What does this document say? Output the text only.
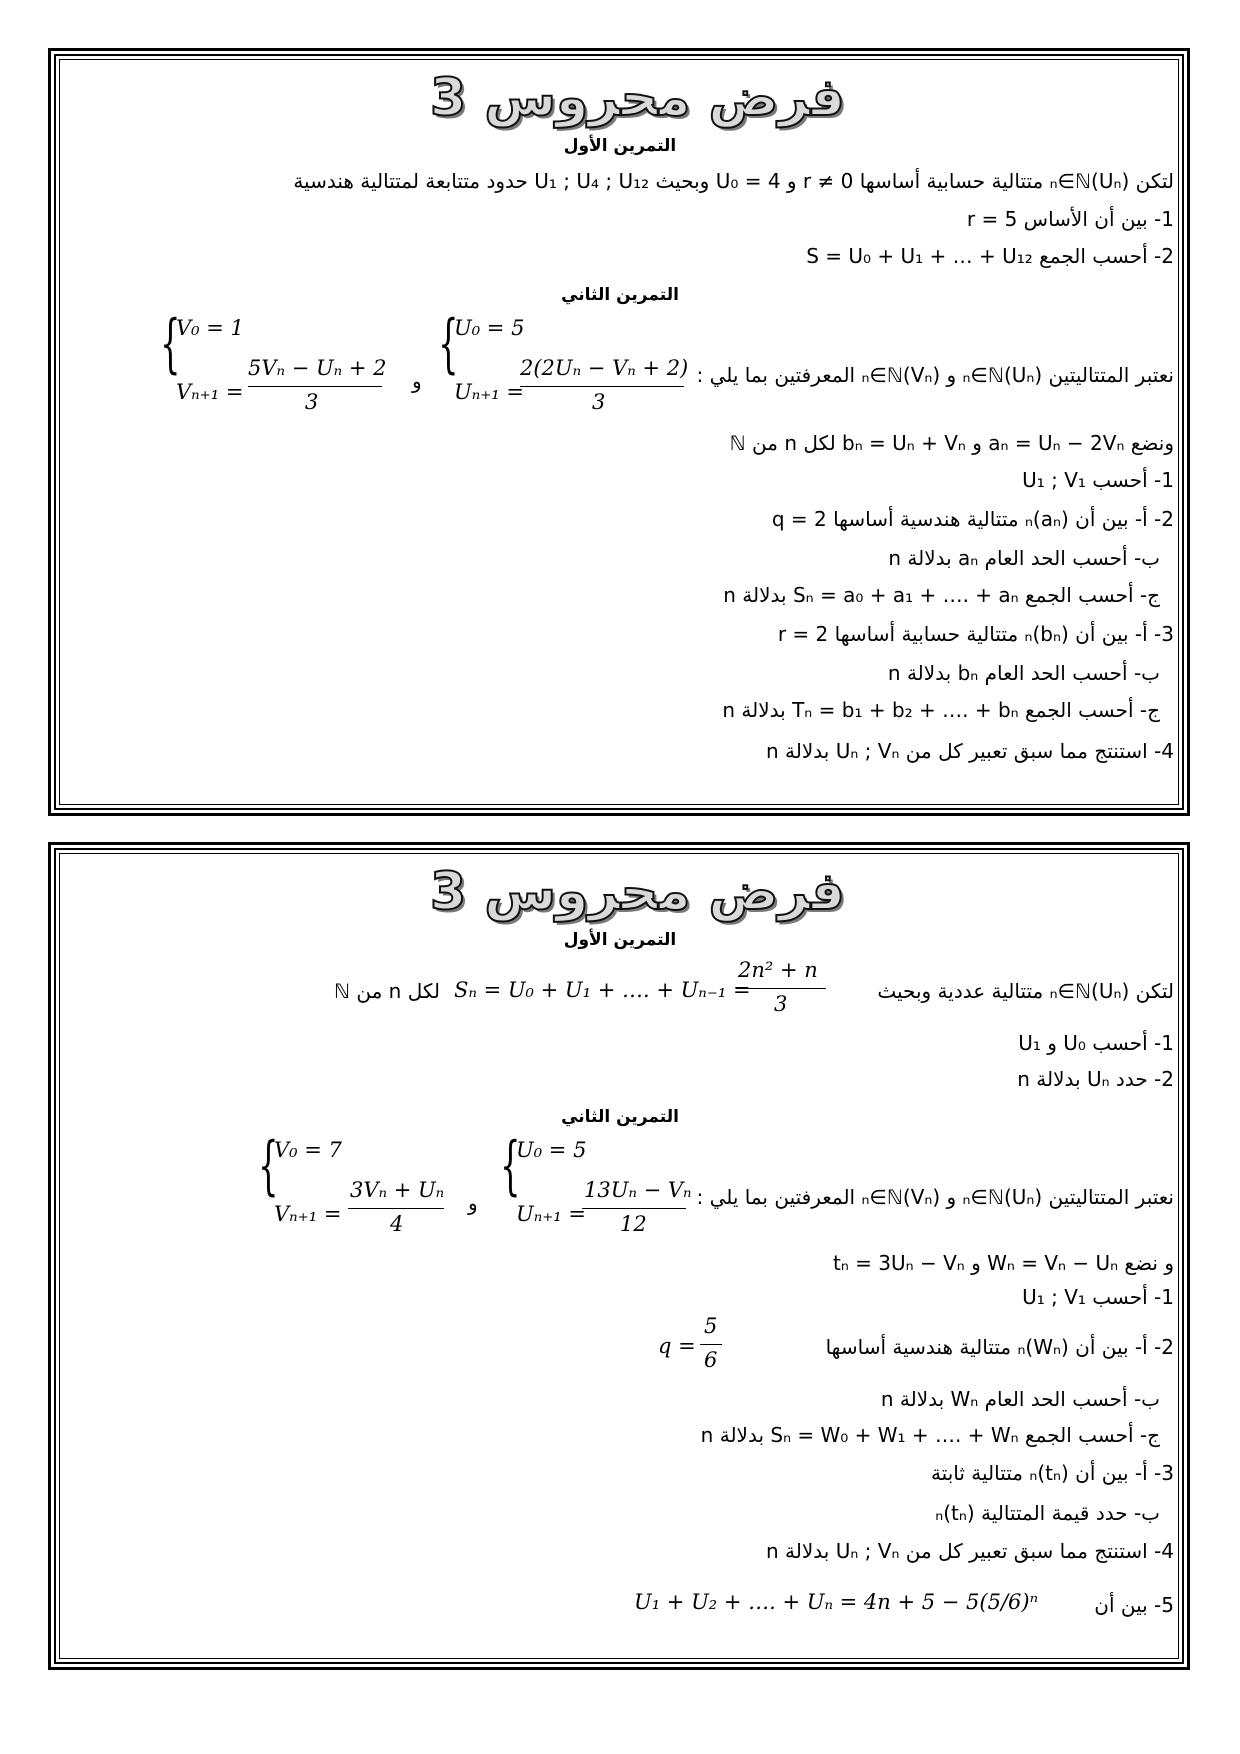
فرض محروس 3
التمرين الأول
لتكن (Uₙ)ₙ∈ℕ متتالية حسابية أساسها r ≠ 0 و U₀ = 4 وبحيث U₁ ; U₄ ; U₁₂ حدود متتابعة لمتتالية هندسية
1- بين أن الأساس r = 5
2- أحسب الجمع S = U₀ + U₁ + … + U₁₂
التمرين الثاني
{
V₀ = 1
Vₙ₊₁ =
5Vₙ − Uₙ + 2
3
و {
U₀ = 5
Uₙ₊₁ =
2(2Uₙ − Vₙ + 2)
3
نعتبر المتتاليتين (Uₙ)ₙ∈ℕ و (Vₙ)ₙ∈ℕ المعرفتين بما يلي :
ونضع aₙ = Uₙ − 2Vₙ و bₙ = Uₙ + Vₙ لكل n من ℕ
1- أحسب U₁ ; V₁
2- أ- بين أن (aₙ)ₙ متتالية هندسية أساسها q = 2
ب- أحسب الحد العام aₙ بدلالة n
ج- أحسب الجمع Sₙ = a₀ + a₁ + …. + aₙ بدلالة n
3- أ- بين أن (bₙ)ₙ متتالية حسابية أساسها r = 2
ب- أحسب الحد العام bₙ بدلالة n
ج- أحسب الجمع Tₙ = b₁ + b₂ + …. + bₙ بدلالة n
4- استنتج مما سبق تعبير كل من Uₙ ; Vₙ بدلالة n
فرض محروس 3
التمرين الأول
لتكن (Uₙ)ₙ∈ℕ متتالية عددية وبحيث
Sₙ = U₀ + U₁ + …. + Uₙ₋₁ =
2n² + n
3
لكل n من ℕ
1- أحسب U₀ و U₁
2- حدد Uₙ بدلالة n
التمرين الثاني
{
V₀ = 7
Vₙ₊₁ =
3Vₙ + Uₙ
4
و {
U₀ = 5
Uₙ₊₁ =
13Uₙ − Vₙ
12
نعتبر المتتاليتين (Uₙ)ₙ∈ℕ و (Vₙ)ₙ∈ℕ المعرفتين بما يلي :
و نضع Wₙ = Vₙ − Uₙ و tₙ = 3Uₙ − Vₙ
1- أحسب U₁ ; V₁
2- أ- بين أن (Wₙ)ₙ متتالية هندسية أساسها
q =
5
6
ب- أحسب الحد العام Wₙ بدلالة n
ج- أحسب الجمع Sₙ = W₀ + W₁ + …. + Wₙ بدلالة n
3- أ- بين أن (tₙ)ₙ متتالية ثابتة
ب- حدد قيمة المتتالية (tₙ)ₙ
4- استنتج مما سبق تعبير كل من Uₙ ; Vₙ بدلالة n
5- بين أن
U₁ + U₂ + …. + Uₙ = 4n + 5 − 5(5/6)ⁿ
